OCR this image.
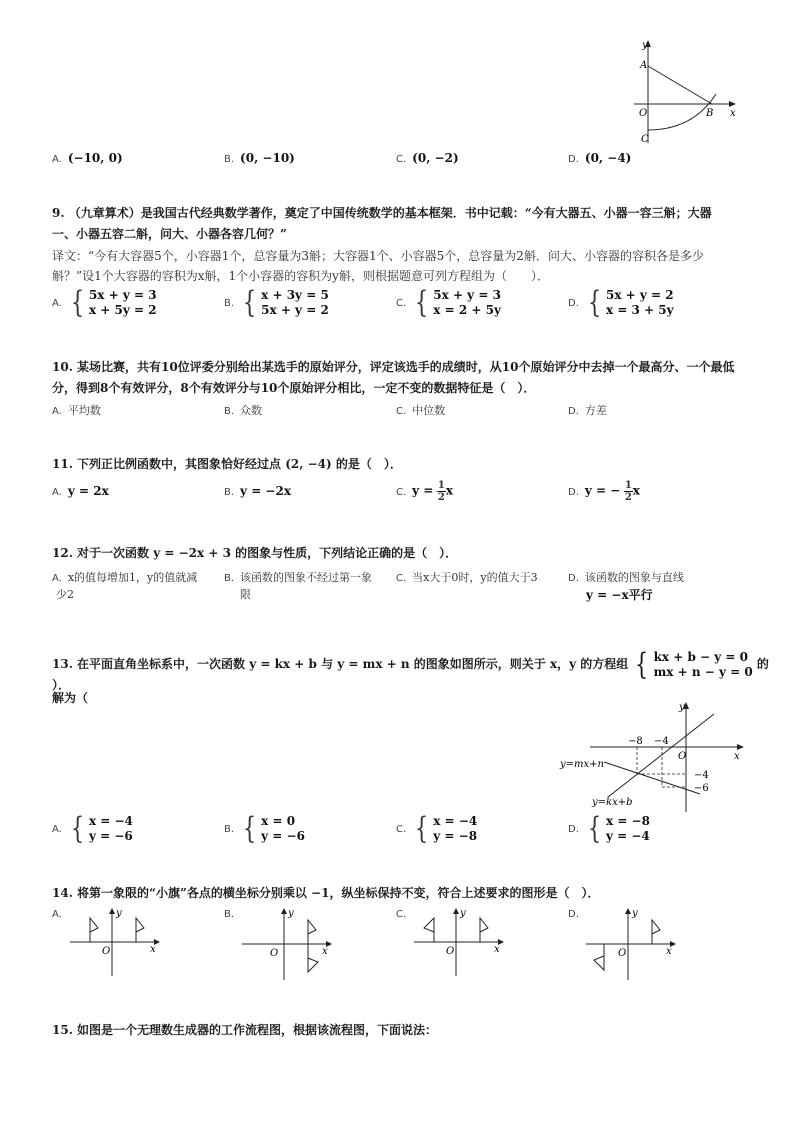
y
A
O	B x
C
A. (−10, 0)	B. (0, −10)	C. (0, −2)	D. (0, −4)
9. （九章算术）是我国古代经典数学著作，奠定了中国传统数学的基本框架．书中记载：“今有大器五、小器一容三斛；大器
一、小器五容二斛，问大、小器各容几何？”
译文：“今有大容器5个，小容器1个，总容量为3斛；大容器1个、小容器5个，总容量为2斛．问大、小容器的容积各是多少
斛？”设1个大容器的容积为x斛，1个小容器的容积为y斛，则根据题意可列方程组为（　　）．
A. { 5x + y = 3
x + 5y = 2	B. { x + 3y = 5
5x + y = 2	C. { 5x + y = 3
x = 2 + 5y	D. { 5x + y = 2
x = 3 + 5y
10. 某场比赛，共有10位评委分别给出某选手的原始评分，评定该选手的成绩时，从10个原始评分中去掉一个最高分、一个最低
分，得到8个有效评分，8个有效评分与10个原始评分相比，一定不变的数据特征是（　）．
A. 平均数	B. 众数	C. 中位数	D. 方差
11. 下列正比例函数中，其图象恰好经过点 (2, −4) 的是（　）．
A. y = 2x	B. y = −2x	C. $y = \frac{1}{2}$ x	D. y = − $\frac{1}{2}$ x
12. 对于一次函数 y = −2x + 3 的图象与性质，下列结论正确的是（　）．
A. x的值每增加1，y的值就减
少2
B. 该函数的图象不经过第一象
限
C. 当x大于0时，y的值大于3	D. 该函数的图象与直线
y = −x平行
13. 在平面直角坐标系中，一次函数 y = kx + b 与 y = mx + n 的图象如图所示，则关于 x，y 的方程组 { kx + b − y = 0
mx + n − y = 0
的解为（
）．
y
−8 −4
O	x
y=mx+n
−4
−6
y=kx+b
A. { x = −4
y = −6	B. { x = 0
y = −6	C. { x = −4
y = −8	D. { x = −8
y = −4
14. 将第一象限的“小旗”各点的横坐标分别乘以 −1，纵坐标保持不变，符合上述要求的图形是（　）．
A.	y
O	x
B.	y
O	x
C.	y
O	x
D.	y
O	x
15. 如图是一个无理数生成器的工作流程图，根据该流程图，下面说法：
